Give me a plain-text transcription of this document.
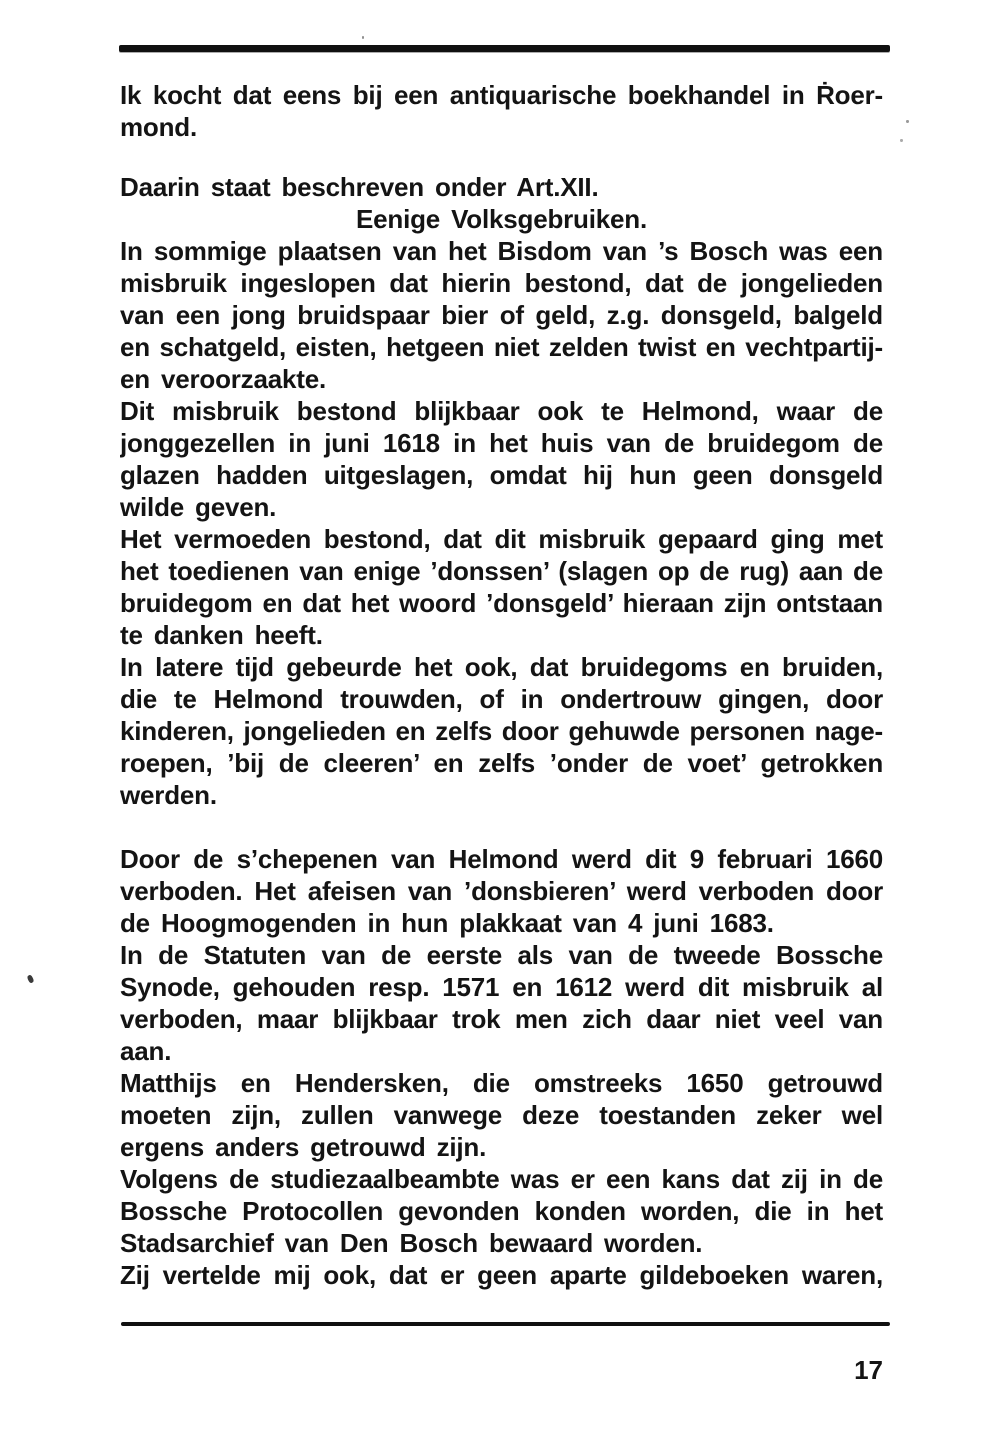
Ik kocht dat eens bij een antiquarische boekhandel in Ṙoer-
mond.
Daarin staat beschreven onder Art.XII.
Eenige Volksgebruiken.
In sommige plaatsen van het Bisdom van ’s Bosch was een
misbruik ingeslopen dat hierin bestond, dat de jongelieden
van een jong bruidspaar bier of geld, z.g. donsgeld, balgeld
en schatgeld, eisten, hetgeen niet zelden twist en vechtpartij-
en veroorzaakte.
Dit misbruik bestond blijkbaar ook te Helmond, waar de
jonggezellen in juni 1618 in het huis van de bruidegom de
glazen hadden uitgeslagen, omdat hij hun geen donsgeld
wilde geven.
Het vermoeden bestond, dat dit misbruik gepaard ging met
het toedienen van enige ’donssen’ (slagen op de rug) aan de
bruidegom en dat het woord ’donsgeld’ hieraan zijn ontstaan
te danken heeft.
In latere tijd gebeurde het ook, dat bruidegoms en bruiden,
die te Helmond trouwden, of in ondertrouw gingen, door
kinderen, jongelieden en zelfs door gehuwde personen nage-
roepen, ’bij de cleeren’ en zelfs ’onder de voet’ getrokken
werden.
Door de s’chepenen van Helmond werd dit 9 februari 1660
verboden. Het afeisen van ’donsbieren’ werd verboden door
de Hoogmogenden in hun plakkaat van 4 juni 1683.
In de Statuten van de eerste als van de tweede Bossche
Synode, gehouden resp. 1571 en 1612 werd dit misbruik al
verboden, maar blijkbaar trok men zich daar niet veel van
aan.
Matthijs en Hendersken, die omstreeks 1650 getrouwd
moeten zijn, zullen vanwege deze toestanden zeker wel
ergens anders getrouwd zijn.
Volgens de studiezaalbeambte was er een kans dat zij in de
Bossche Protocollen gevonden konden worden, die in het
Stadsarchief van Den Bosch bewaard worden.
Zij vertelde mij ook, dat er geen aparte gildeboeken waren,
17
